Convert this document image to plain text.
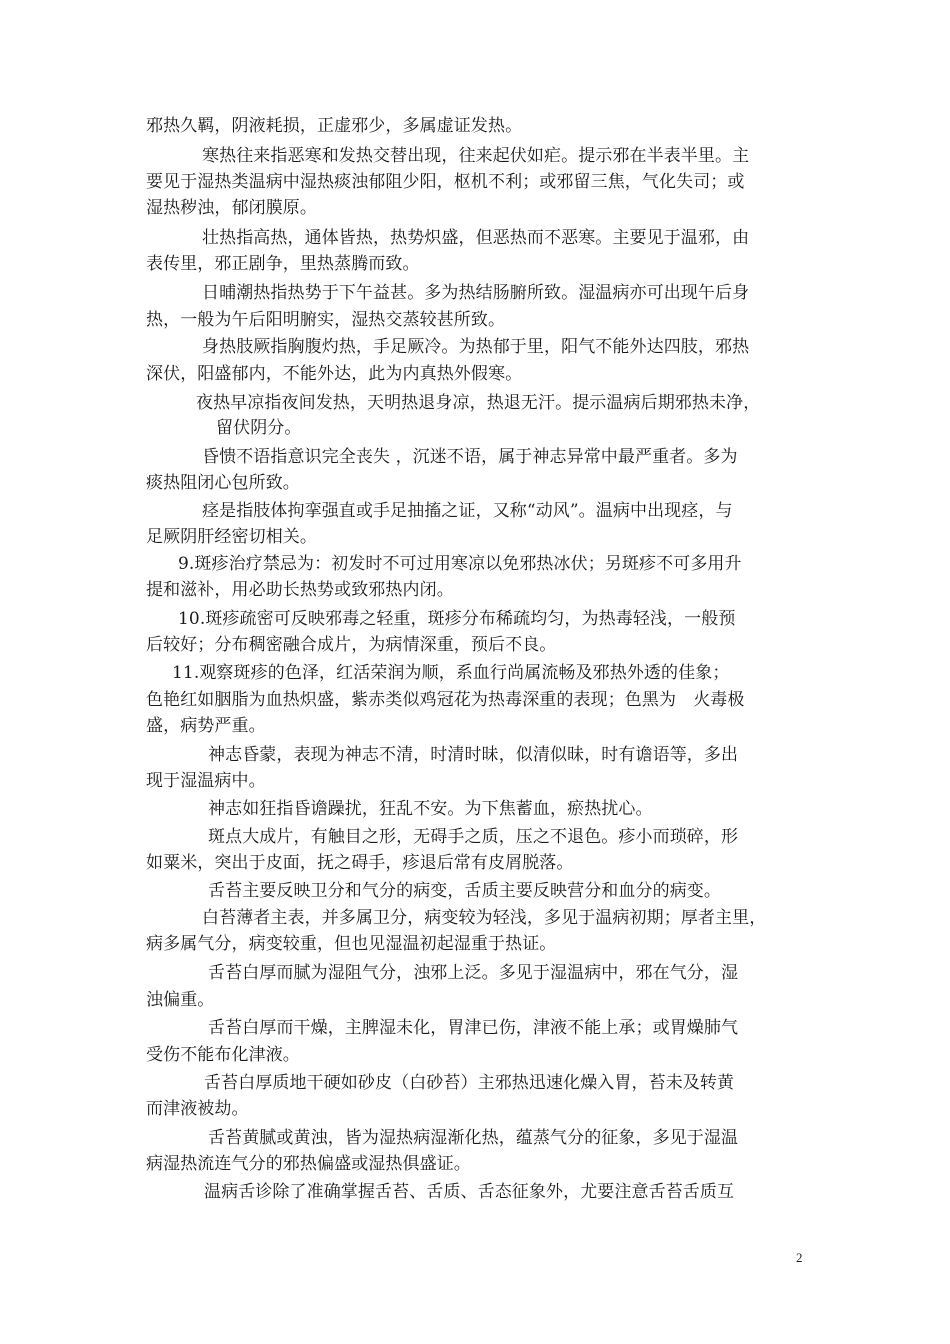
邪热久羁，阴液耗损，正虚邪少，多属虚证发热。
寒热往来指恶寒和发热交替出现，往来起伏如疟。提示邪在半表半里。主
要见于湿热类温病中湿热痰浊郁阻少阳，枢机不利；或邪留三焦，气化失司；或
湿热秽浊，郁闭膜原。
壮热指高热，通体皆热，热势炽盛，但恶热而不恶寒。主要见于温邪，由
表传里，邪正剧争，里热蒸腾而致。
日晡潮热指热势于下午益甚。多为热结肠腑所致。湿温病亦可出现午后身
热，一般为午后阳明腑实，湿热交蒸较甚所致。
身热肢厥指胸腹灼热，手足厥冷。为热郁于里，阳气不能外达四肢，邪热
深伏，阳盛郁内，不能外达，此为内真热外假寒。
夜热早凉指夜间发热，天明热退身凉，热退无汗。提示温病后期邪热未净，
留伏阴分。
昏愦不语指意识完全丧失 ，沉迷不语，属于神志异常中最严重者。多为
痰热阻闭心包所致。
痉是指肢体拘挛强直或手足抽搐之证，又称“动风”。温病中出现痉，与
足厥阴肝经密切相关。
9.斑疹治疗禁忌为：初发时不可过用寒凉以免邪热冰伏；另斑疹不可多用升
提和滋补，用必助长热势或致邪热内闭。
10.斑疹疏密可反映邪毒之轻重，斑疹分布稀疏均匀，为热毒轻浅，一般预
后较好；分布稠密融合成片，为病情深重，预后不良。
11.观察斑疹的色泽，红活荣润为顺，系血行尚属流畅及邪热外透的佳象；
色艳红如胭脂为血热炽盛，紫赤类似鸡冠花为热毒深重的表现；色黑为　火毒极
盛，病势严重。
神志昏蒙，表现为神志不清，时清时昧，似清似昧，时有谵语等，多出
现于湿温病中。
神志如狂指昏谵躁扰，狂乱不安。为下焦蓄血，瘀热扰心。
斑点大成片，有触目之形，无碍手之质，压之不退色。疹小而琐碎，形
如粟米，突出于皮面，抚之碍手，疹退后常有皮屑脱落。
舌苔主要反映卫分和气分的病变，舌质主要反映营分和血分的病变。
白苔薄者主表，并多属卫分，病变较为轻浅，多见于温病初期；厚者主里，
病多属气分，病变较重，但也见湿温初起湿重于热证。
舌苔白厚而腻为湿阻气分，浊邪上泛。多见于湿温病中，邪在气分，湿
浊偏重。
舌苔白厚而干燥，主脾湿未化，胃津已伤，津液不能上承；或胃燥肺气
受伤不能布化津液。
舌苔白厚质地干硬如砂皮（白砂苔）主邪热迅速化燥入胃，苔未及转黄
而津液被劫。
舌苔黄腻或黄浊，皆为湿热病湿渐化热，蕴蒸气分的征象，多见于湿温
病湿热流连气分的邪热偏盛或湿热俱盛证。
温病舌诊除了准确掌握舌苔、舌质、舌态征象外，尤要注意舌苔舌质互
2
